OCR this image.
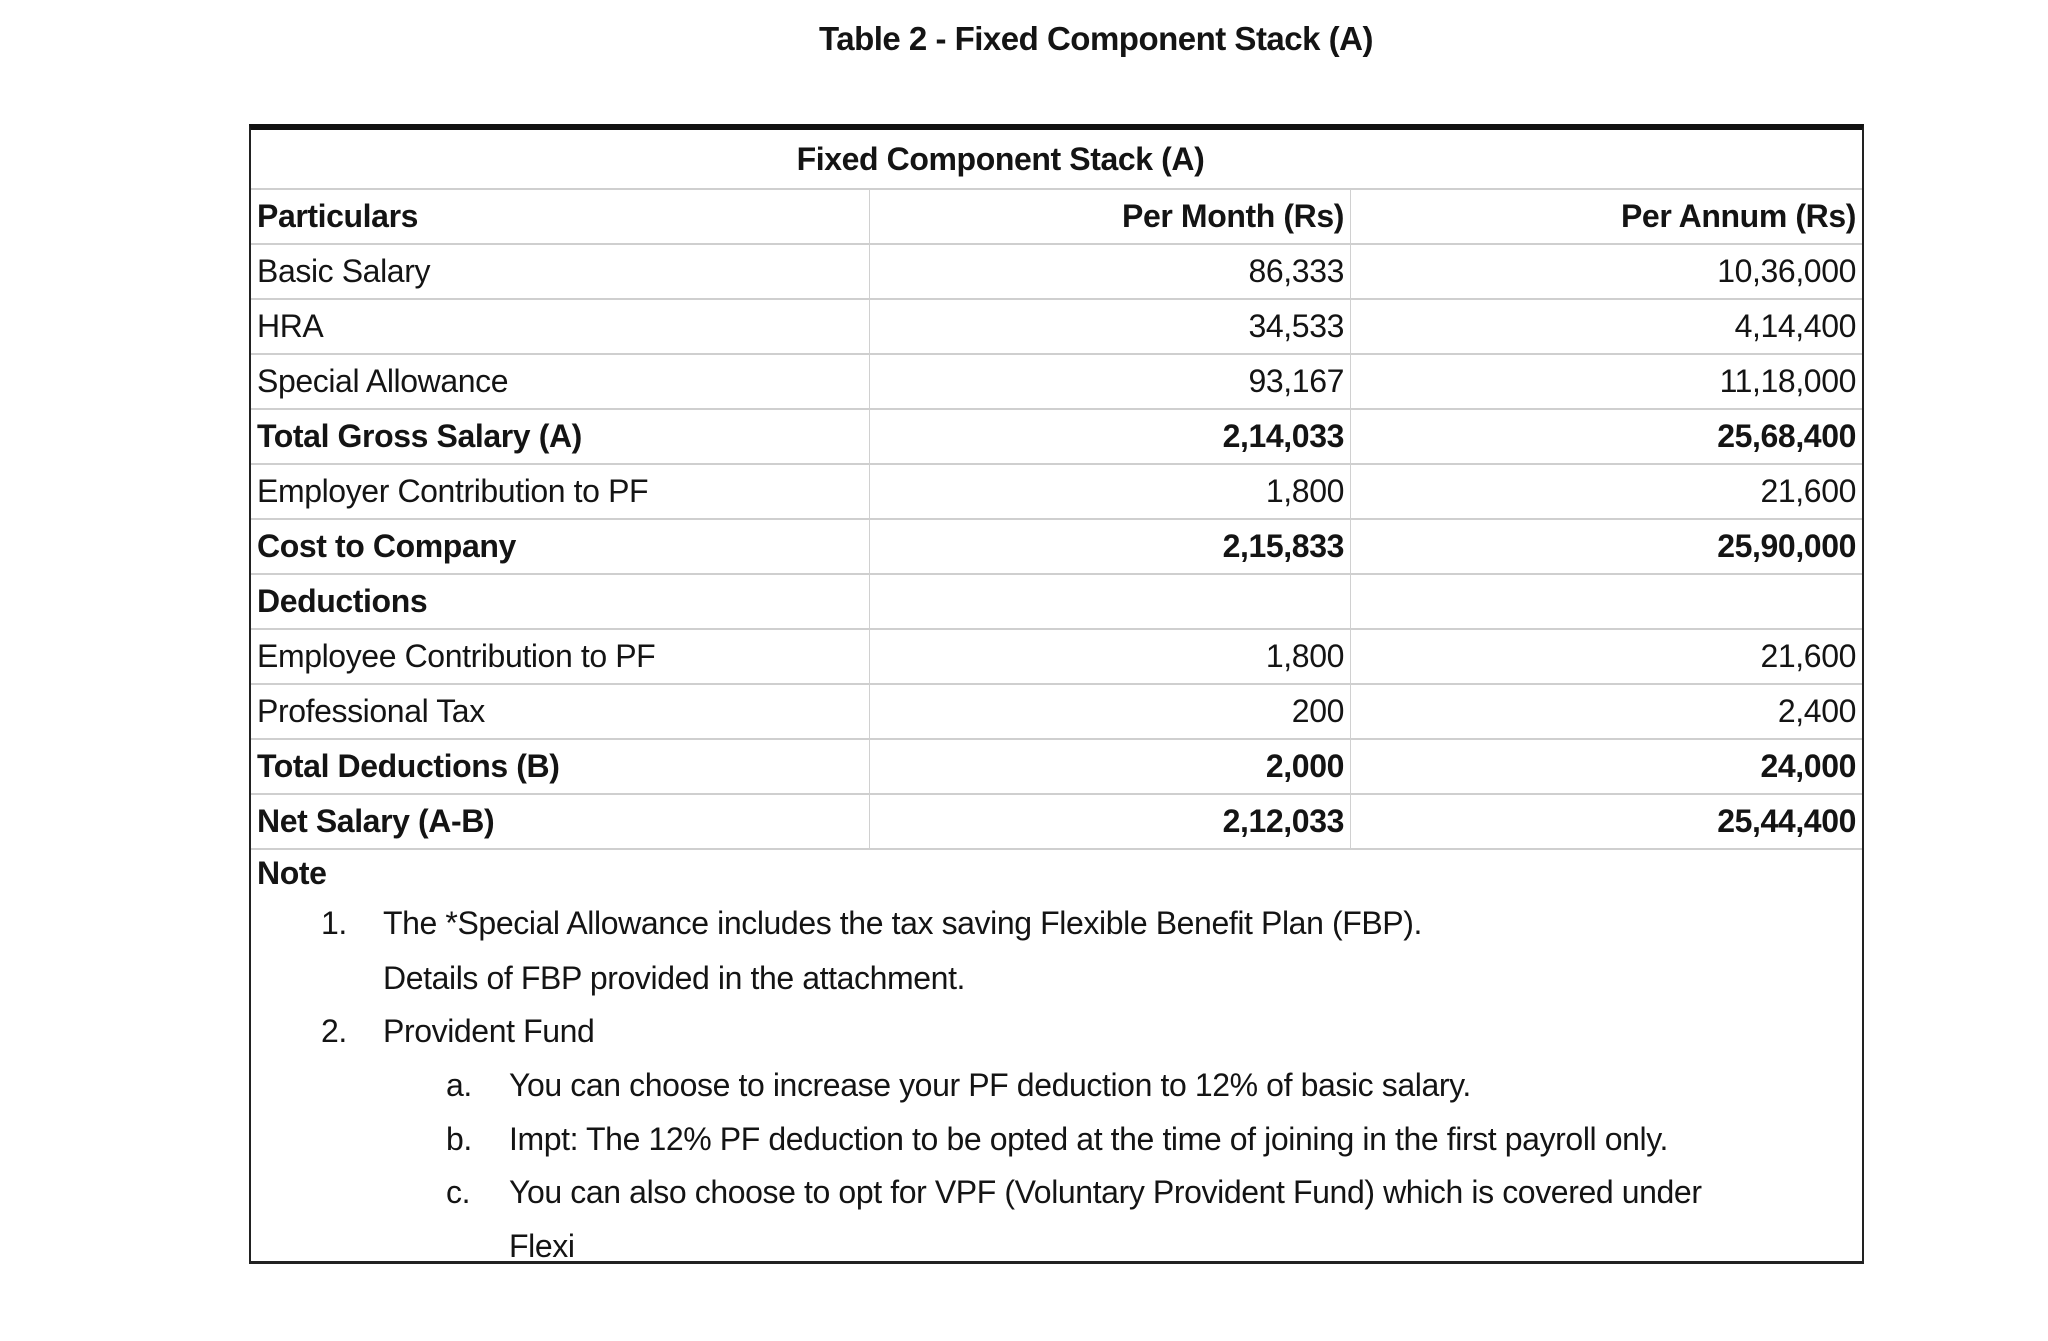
Table 2 - Fixed Component Stack (A)
Fixed Component Stack (A)
Particulars	Per Month (Rs)	Per Annum (Rs)
Basic Salary	86,333	10,36,000
HRA	34,533	4,14,400
Special Allowance	93,167	11,18,000
Total Gross Salary (A)	2,14,033	25,68,400
Employer Contribution to PF	1,800	21,600
Cost to Company	2,15,833	25,90,000
Deductions
Employee Contribution to PF	1,800	21,600
Professional Tax	200	2,400
Total Deductions (B)	2,000	24,000
Net Salary (A-B)	2,12,033	25,44,400
Note
1. The *Special Allowance includes the tax saving Flexible Benefit Plan (FBP).
Details of FBP provided in the attachment.
2. Provident Fund
a. You can choose to increase your PF deduction to 12% of basic salary.
b. Impt: The 12% PF deduction to be opted at the time of joining in the first payroll only.
c. You can also choose to opt for VPF (Voluntary Provident Fund) which is covered under
Flexi
